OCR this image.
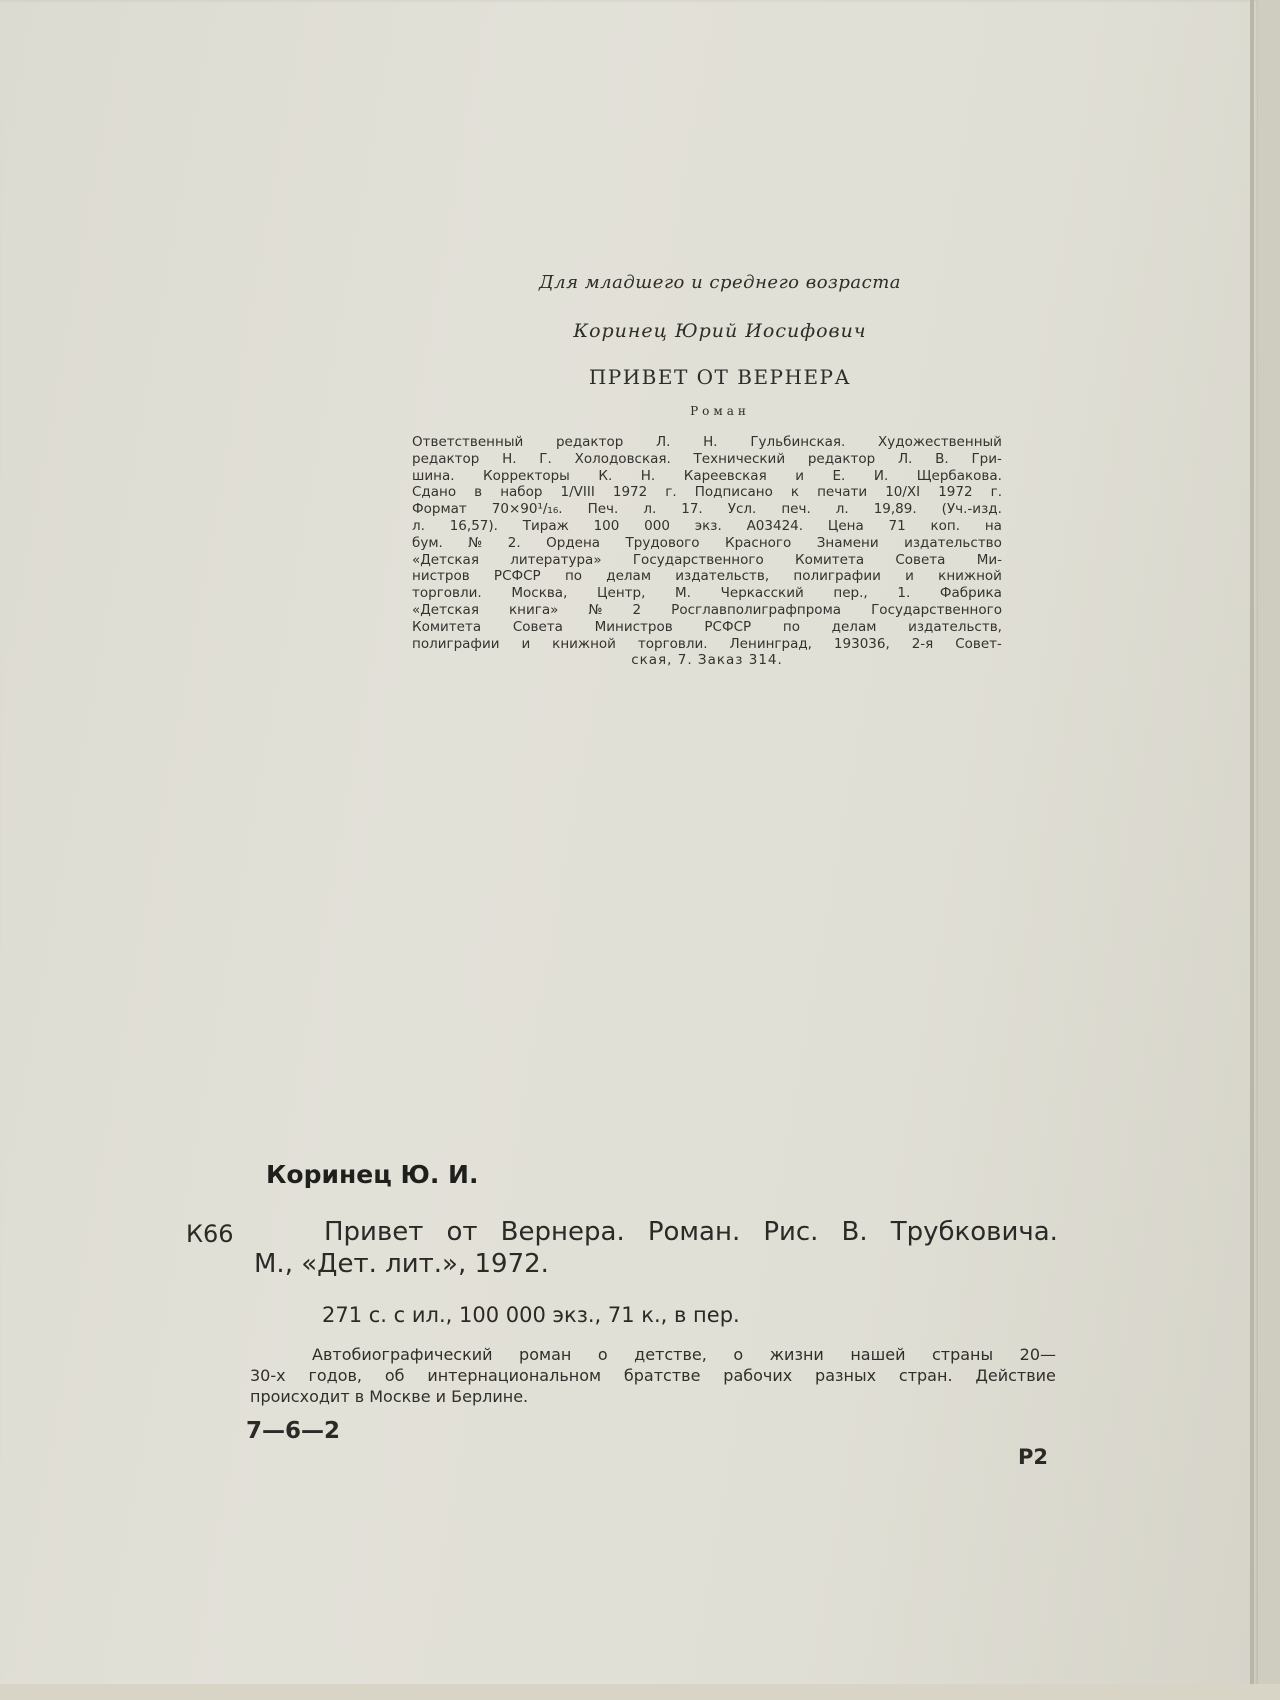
Для младшего и среднего возраста
Коринец Юрий Иосифович
ПРИВЕТ ОТ ВЕРНЕРА
Роман
Ответственный редактор Л. Н. Гульбинская. Художественный
редактор Н. Г. Холодовская. Технический редактор Л. В. Гри-
шина. Корректоры К. Н. Кареевская и Е. И. Щербакова.
Сдано в набор 1/VIII 1972 г. Подписано к печати 10/XI 1972 г.
Формат 70×90¹/₁₆. Печ. л. 17. Усл. печ. л. 19,89. (Уч.-изд.
л. 16,57). Тираж 100 000 экз. А03424. Цена 71 коп. на
бум. № 2. Ордена Трудового Красного Знамени издательство
«Детская литература» Государственного Комитета Совета Ми-
нистров РСФСР по делам издательств, полиграфии и книжной
торговли. Москва, Центр, М. Черкасский пер., 1. Фабрика
«Детская книга» № 2 Росглавполиграфпрома Государственного
Комитета Совета Министров РСФСР по делам издательств,
полиграфии и книжной торговли. Ленинград, 193036, 2-я Совет-
ская, 7. Заказ 314.
Коринец Ю. И.
К66	Привет от Вернера. Роман. Рис. В. Трубковича.
М., «Дет. лит.», 1972.
271 с. с ил., 100 000 экз., 71 к., в пер.
Автобиографический роман о детстве, о жизни нашей страны 20—
30-х годов, об интернациональном братстве рабочих разных стран. Действие
происходит в Москве и Берлине.
7—6—2
Р2
